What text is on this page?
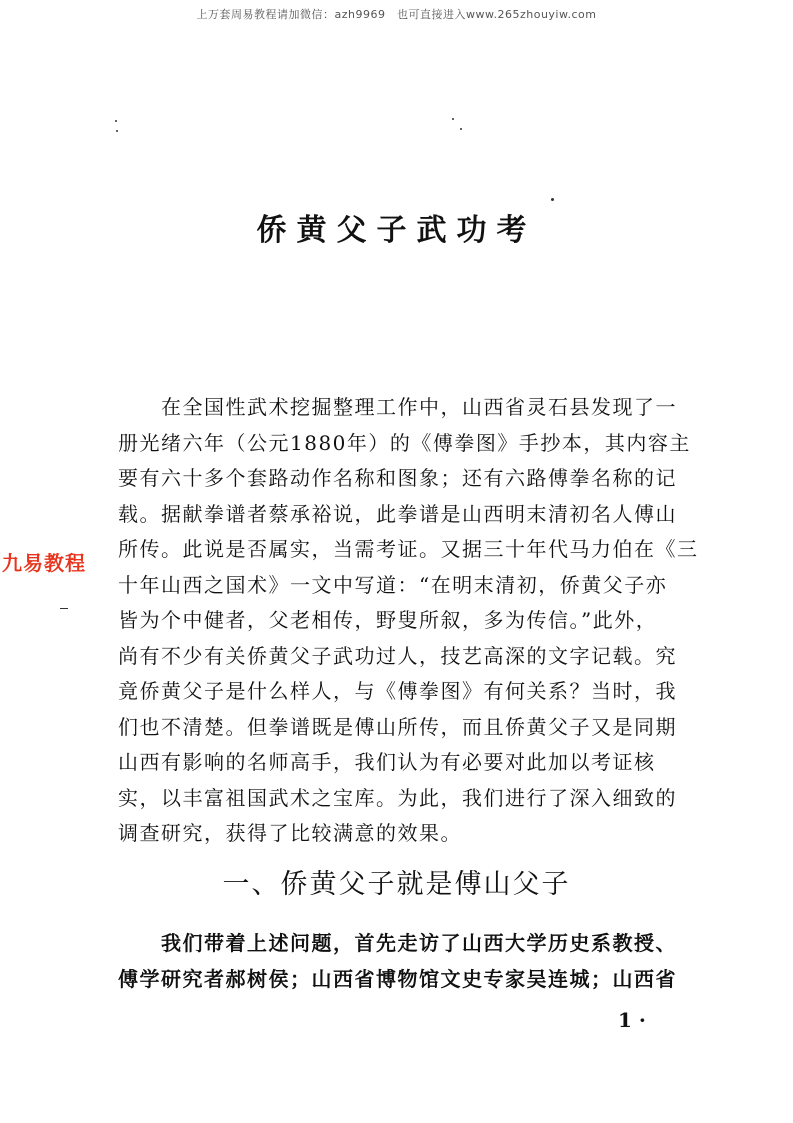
上万套周易教程请加微信：azh9969　也可直接进入www.265zhouyiw.com
侨黄父子武功考
九易教程
　　在全国性武术挖掘整理工作中，山西省灵石县发现了一
册光绪六年（公元1880年）的《傅拳图》手抄本，其内容主
要有六十多个套路动作名称和图象；还有六路傅拳名称的记
载。据献拳谱者蔡承裕说，此拳谱是山西明末清初名人傅山
所传。此说是否属实，当需考证。又据三十年代马力伯在《三
十年山西之国术》一文中写道：“在明末清初，侨黄父子亦
皆为个中健者，父老相传，野叟所叙，多为传信。”此外，
尚有不少有关侨黄父子武功过人，技艺高深的文字记载。究
竟侨黄父子是什么样人，与《傅拳图》有何关系？当时，我
们也不清楚。但拳谱既是傅山所传，而且侨黄父子又是同期
山西有影响的名师高手，我们认为有必要对此加以考证核
实，以丰富祖国武术之宝库。为此，我们进行了深入细致的
调查研究，获得了比较满意的效果。
一、侨黄父子就是傅山父子
　　我们带着上述问题，首先走访了山西大学历史系教授、
傅学研究者郝树侯；山西省博物馆文史专家吴连城；山西省
1 ·
